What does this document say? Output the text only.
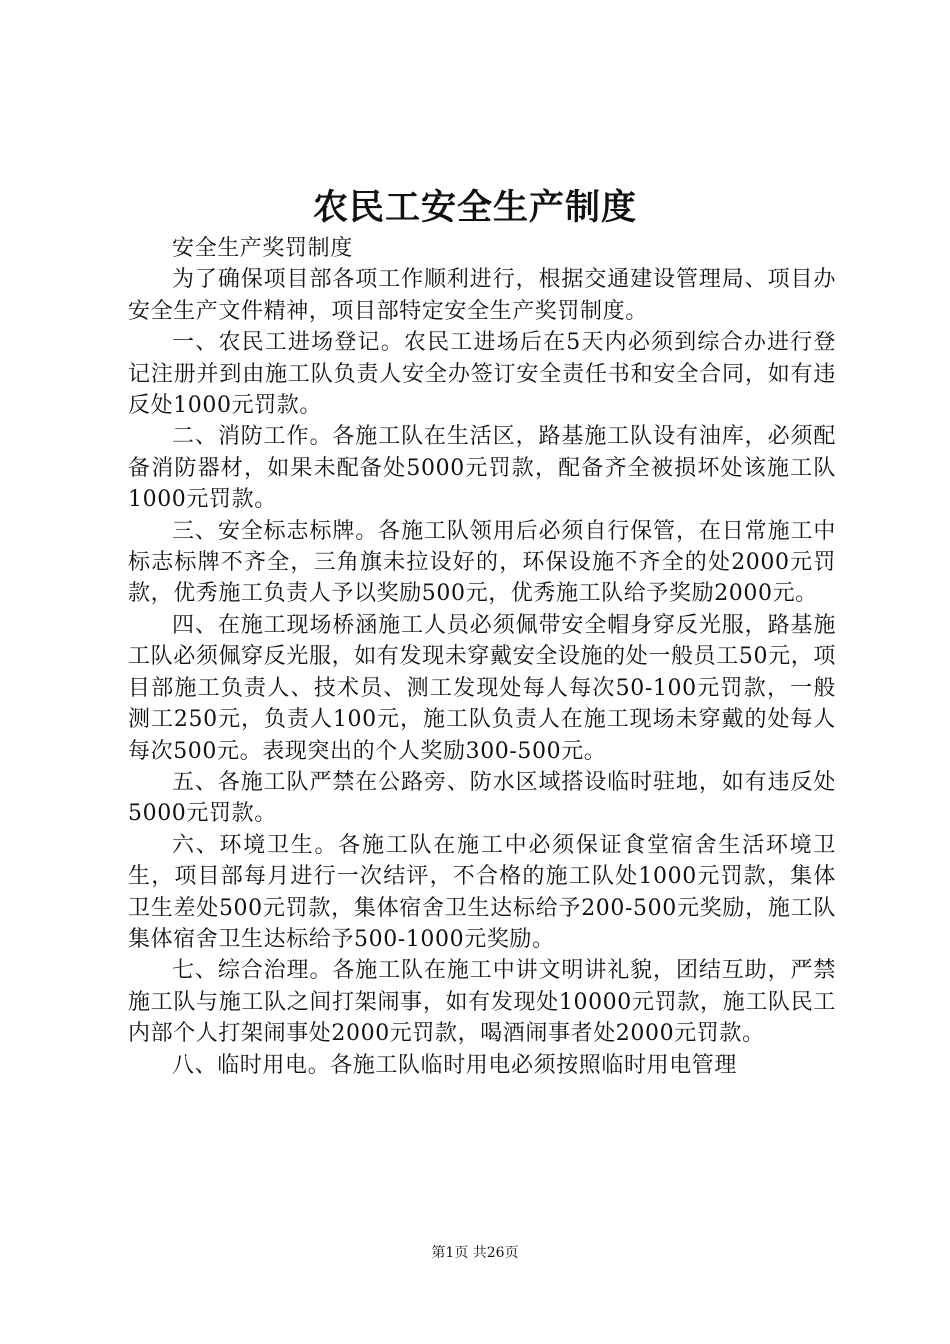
农民工安全生产制度

安全生产奖罚制度

为了确保项目部各项工作顺利进行，根据交通建设管理局、项目办安全生产文件精神，项目部特定安全生产奖罚制度。

一、农民工进场登记。农民工进场后在5天内必须到综合办进行登记注册并到由施工队负责人安全办签订安全责任书和安全合同，如有违反处1000元罚款。

二、消防工作。各施工队在生活区，路基施工队设有油库，必须配备消防器材，如果未配备处5000元罚款，配备齐全被损坏处该施工队1000元罚款。

三、安全标志标牌。各施工队领用后必须自行保管，在日常施工中标志标牌不齐全，三角旗未拉设好的，环保设施不齐全的处2000元罚款，优秀施工负责人予以奖励500元，优秀施工队给予奖励2000元。

四、在施工现场桥涵施工人员必须佩带安全帽身穿反光服，路基施工队必须佩穿反光服，如有发现未穿戴安全设施的处一般员工50元，项目部施工负责人、技术员、测工发现处每人每次50-100元罚款，一般测工250元，负责人100元，施工队负责人在施工现场未穿戴的处每人每次500元。表现突出的个人奖励300-500元。

五、各施工队严禁在公路旁、防水区域搭设临时驻地，如有违反处5000元罚款。

六、环境卫生。各施工队在施工中必须保证食堂宿舍生活环境卫生，项目部每月进行一次结评，不合格的施工队处1000元罚款，集体卫生差处500元罚款，集体宿舍卫生达标给予200-500元奖励，施工队集体宿舍卫生达标给予500-1000元奖励。

七、综合治理。各施工队在施工中讲文明讲礼貌，团结互助，严禁施工队与施工队之间打架闹事，如有发现处10000元罚款，施工队民工内部个人打架闹事处2000元罚款，喝酒闹事者处2000元罚款。

八、临时用电。各施工队临时用电必须按照临时用电管理

第1页 共26页
